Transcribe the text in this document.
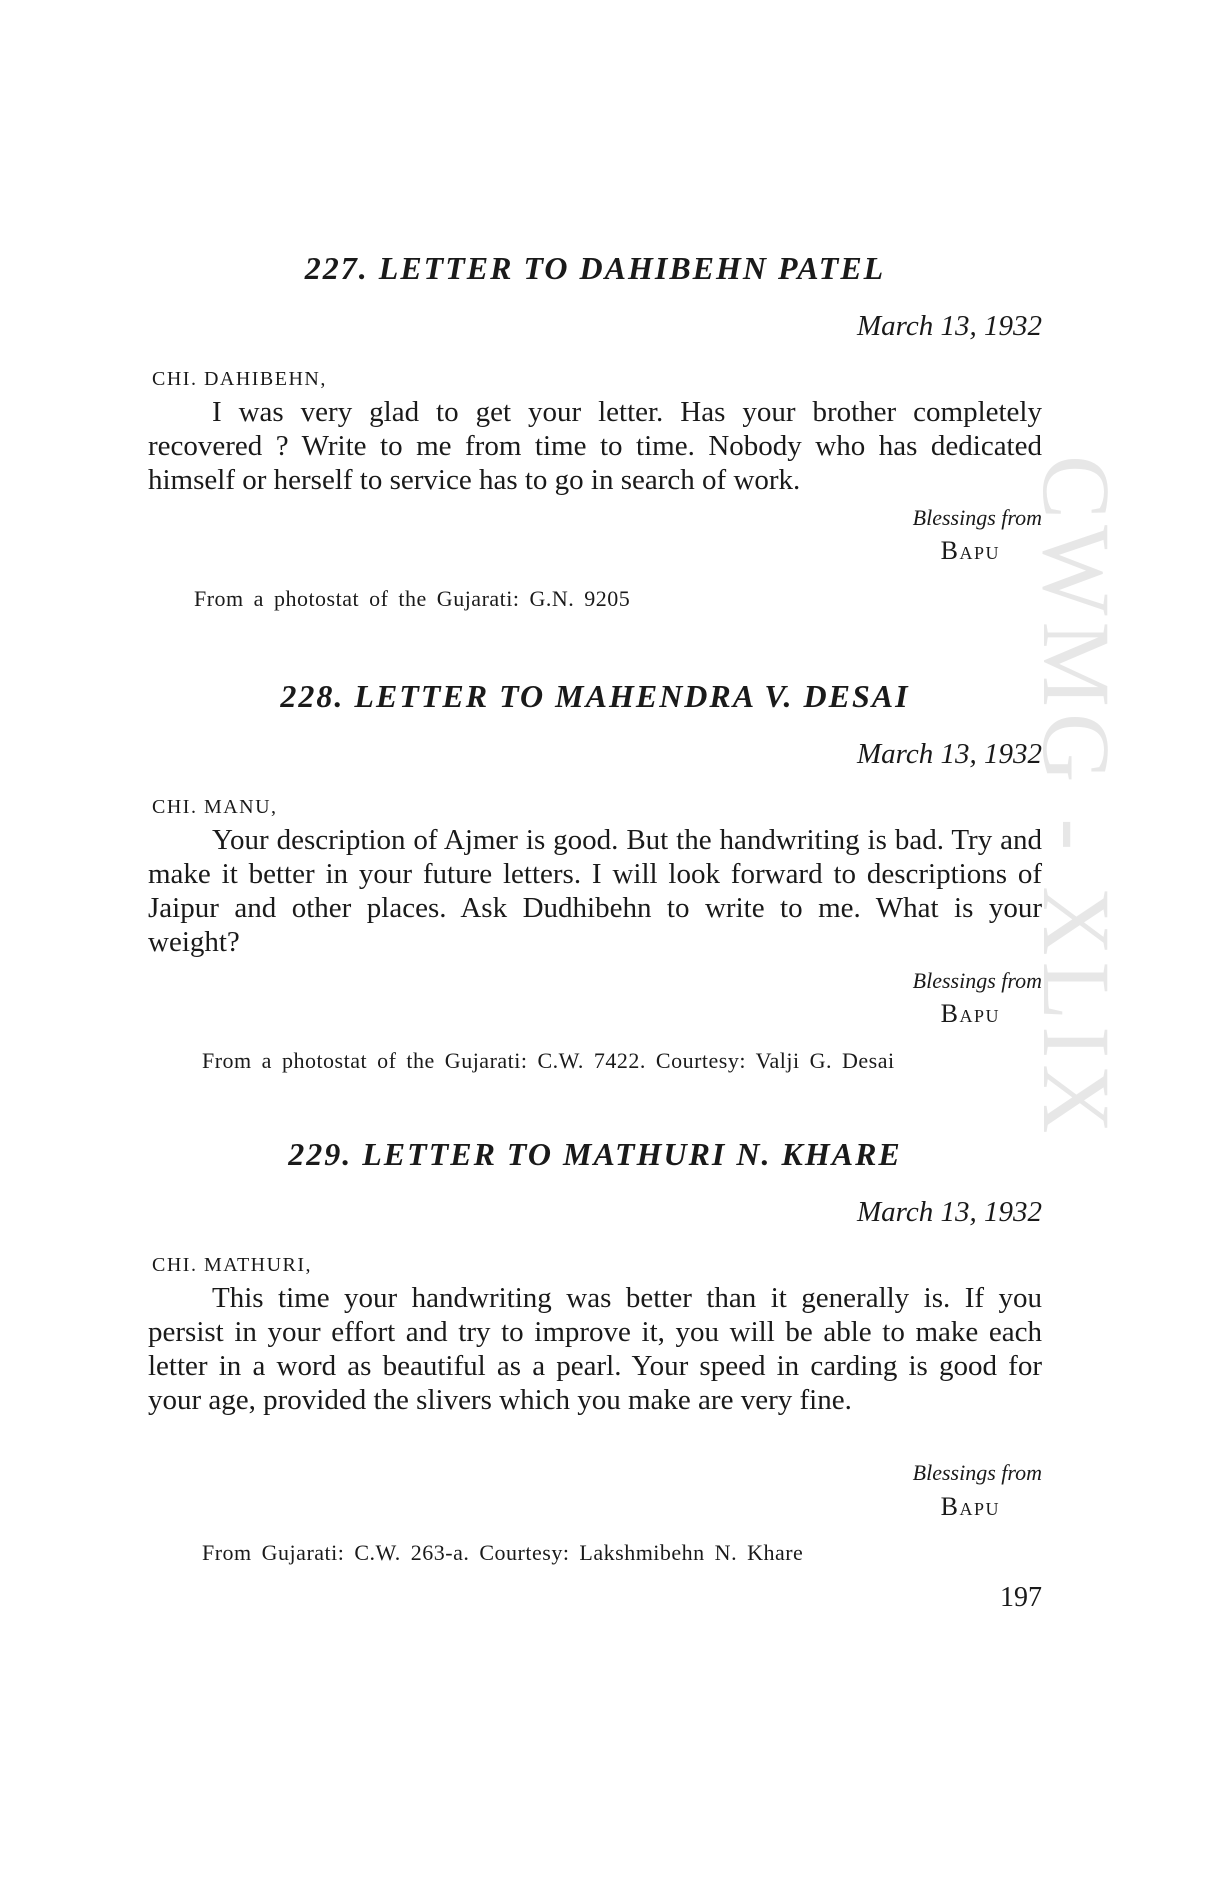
CWMG - XLIX
227. LETTER TO DAHIBEHN PATEL

March 13, 1932

CHI. DAHIBEHN,

I was very glad to get your letter. Has your brother completely recovered ? Write to me from time to time. Nobody who has dedicated himself or herself to service has to go in search of work.

Blessings from

Bapu

From a photostat of the Gujarati: G.N. 9205

228. LETTER TO MAHENDRA V. DESAI

March 13, 1932

CHI. MANU,

Your description of Ajmer is good. But the handwriting is bad. Try and make it better in your future letters. I will look forward to descriptions of Jaipur and other places. Ask Dudhibehn to write to me. What is your weight?

Blessings from

Bapu

From a photostat of the Gujarati: C.W. 7422. Courtesy: Valji G. Desai

229. LETTER TO MATHURI N. KHARE

March 13, 1932

CHI. MATHURI,

This time your handwriting was better than it generally is. If you persist in your effort and try to improve it, you will be able to make each letter in a word as beautiful as a pearl. Your speed in carding is good for your age, provided the slivers which you make are very fine.

Blessings from

Bapu

From Gujarati: C.W. 263-a. Courtesy: Lakshmibehn N. Khare

197
